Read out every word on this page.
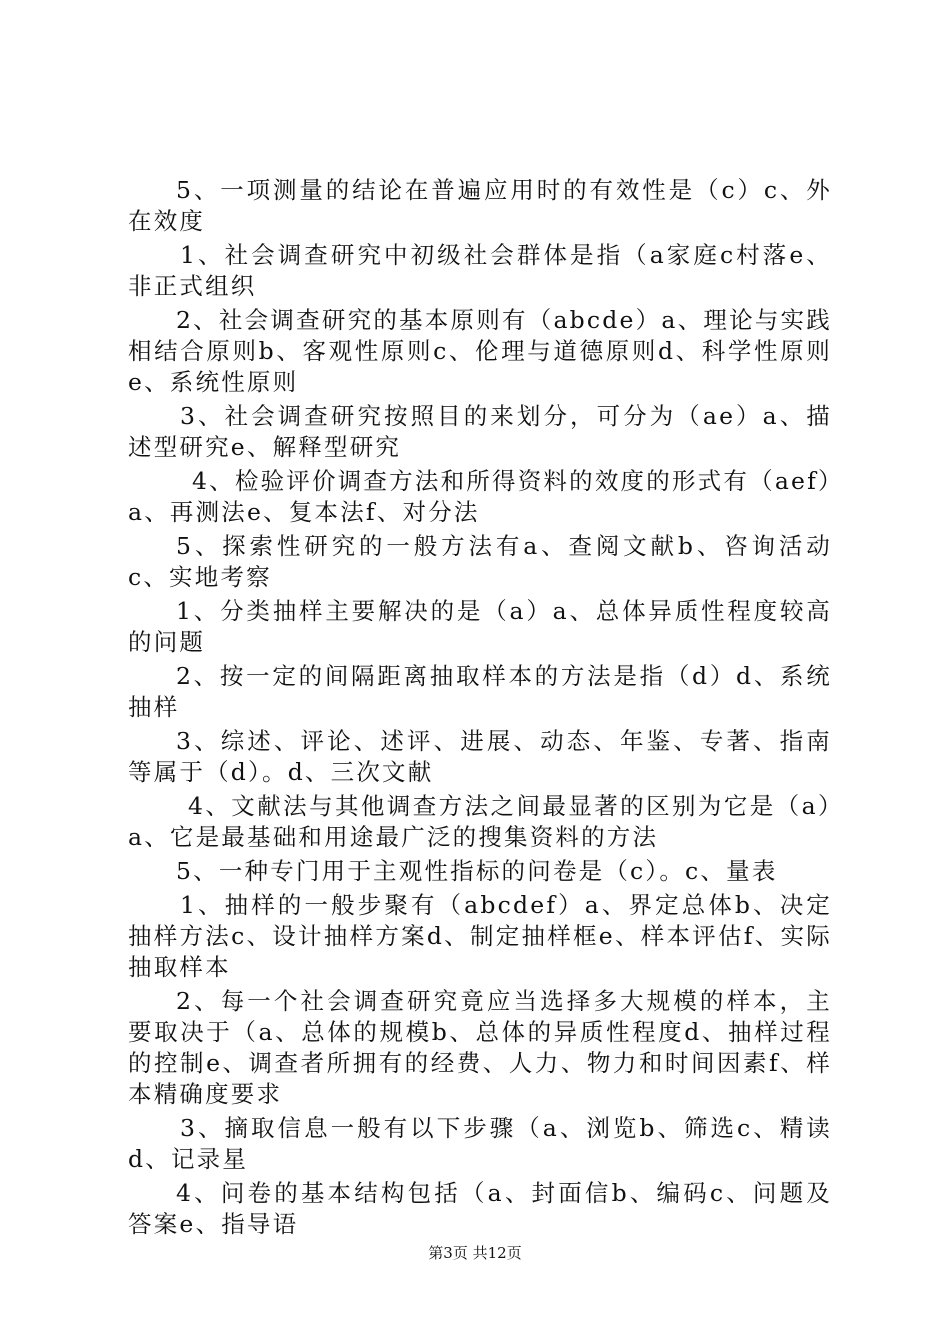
5、一项测量的结论在普遍应用时的有效性是（c）c、外在效度

1、社会调查研究中初级社会群体是指（a家庭c村落e、非正式组织

2、社会调查研究的基本原则有（abcde）a、理论与实践相结合原则b、客观性原则c、伦理与道德原则d、科学性原则e、系统性原则

3、社会调查研究按照目的来划分，可分为（ae）a、描述型研究e、解释型研究

4、检验评价调查方法和所得资料的效度的形式有（aef）a、再测法e、复本法f、对分法

5、探索性研究的一般方法有a、查阅文献b、咨询活动c、实地考察

1、分类抽样主要解决的是（a）a、总体异质性程度较高的问题

2、按一定的间隔距离抽取样本的方法是指（d）d、系统抽样

3、综述、评论、述评、进展、动态、年鉴、专著、指南等属于（d）。d、三次文献

4、文献法与其他调查方法之间最显著的区别为它是（a）a、它是最基础和用途最广泛的搜集资料的方法

5、一种专门用于主观性指标的问卷是（c）。c、量表

1、抽样的一般步聚有（abcdef）a、界定总体b、决定抽样方法c、设计抽样方案d、制定抽样框e、样本评估f、实际抽取样本

2、每一个社会调查研究竟应当选择多大规模的样本，主要取决于（a、总体的规模b、总体的异质性程度d、抽样过程的控制e、调查者所拥有的经费、人力、物力和时间因素f、样本精确度要求

3、摘取信息一般有以下步骤（a、浏览b、筛选c、精读d、记录星

4、问卷的基本结构包括（a、封面信b、编码c、问题及答案e、指导语

第3页 共12页
